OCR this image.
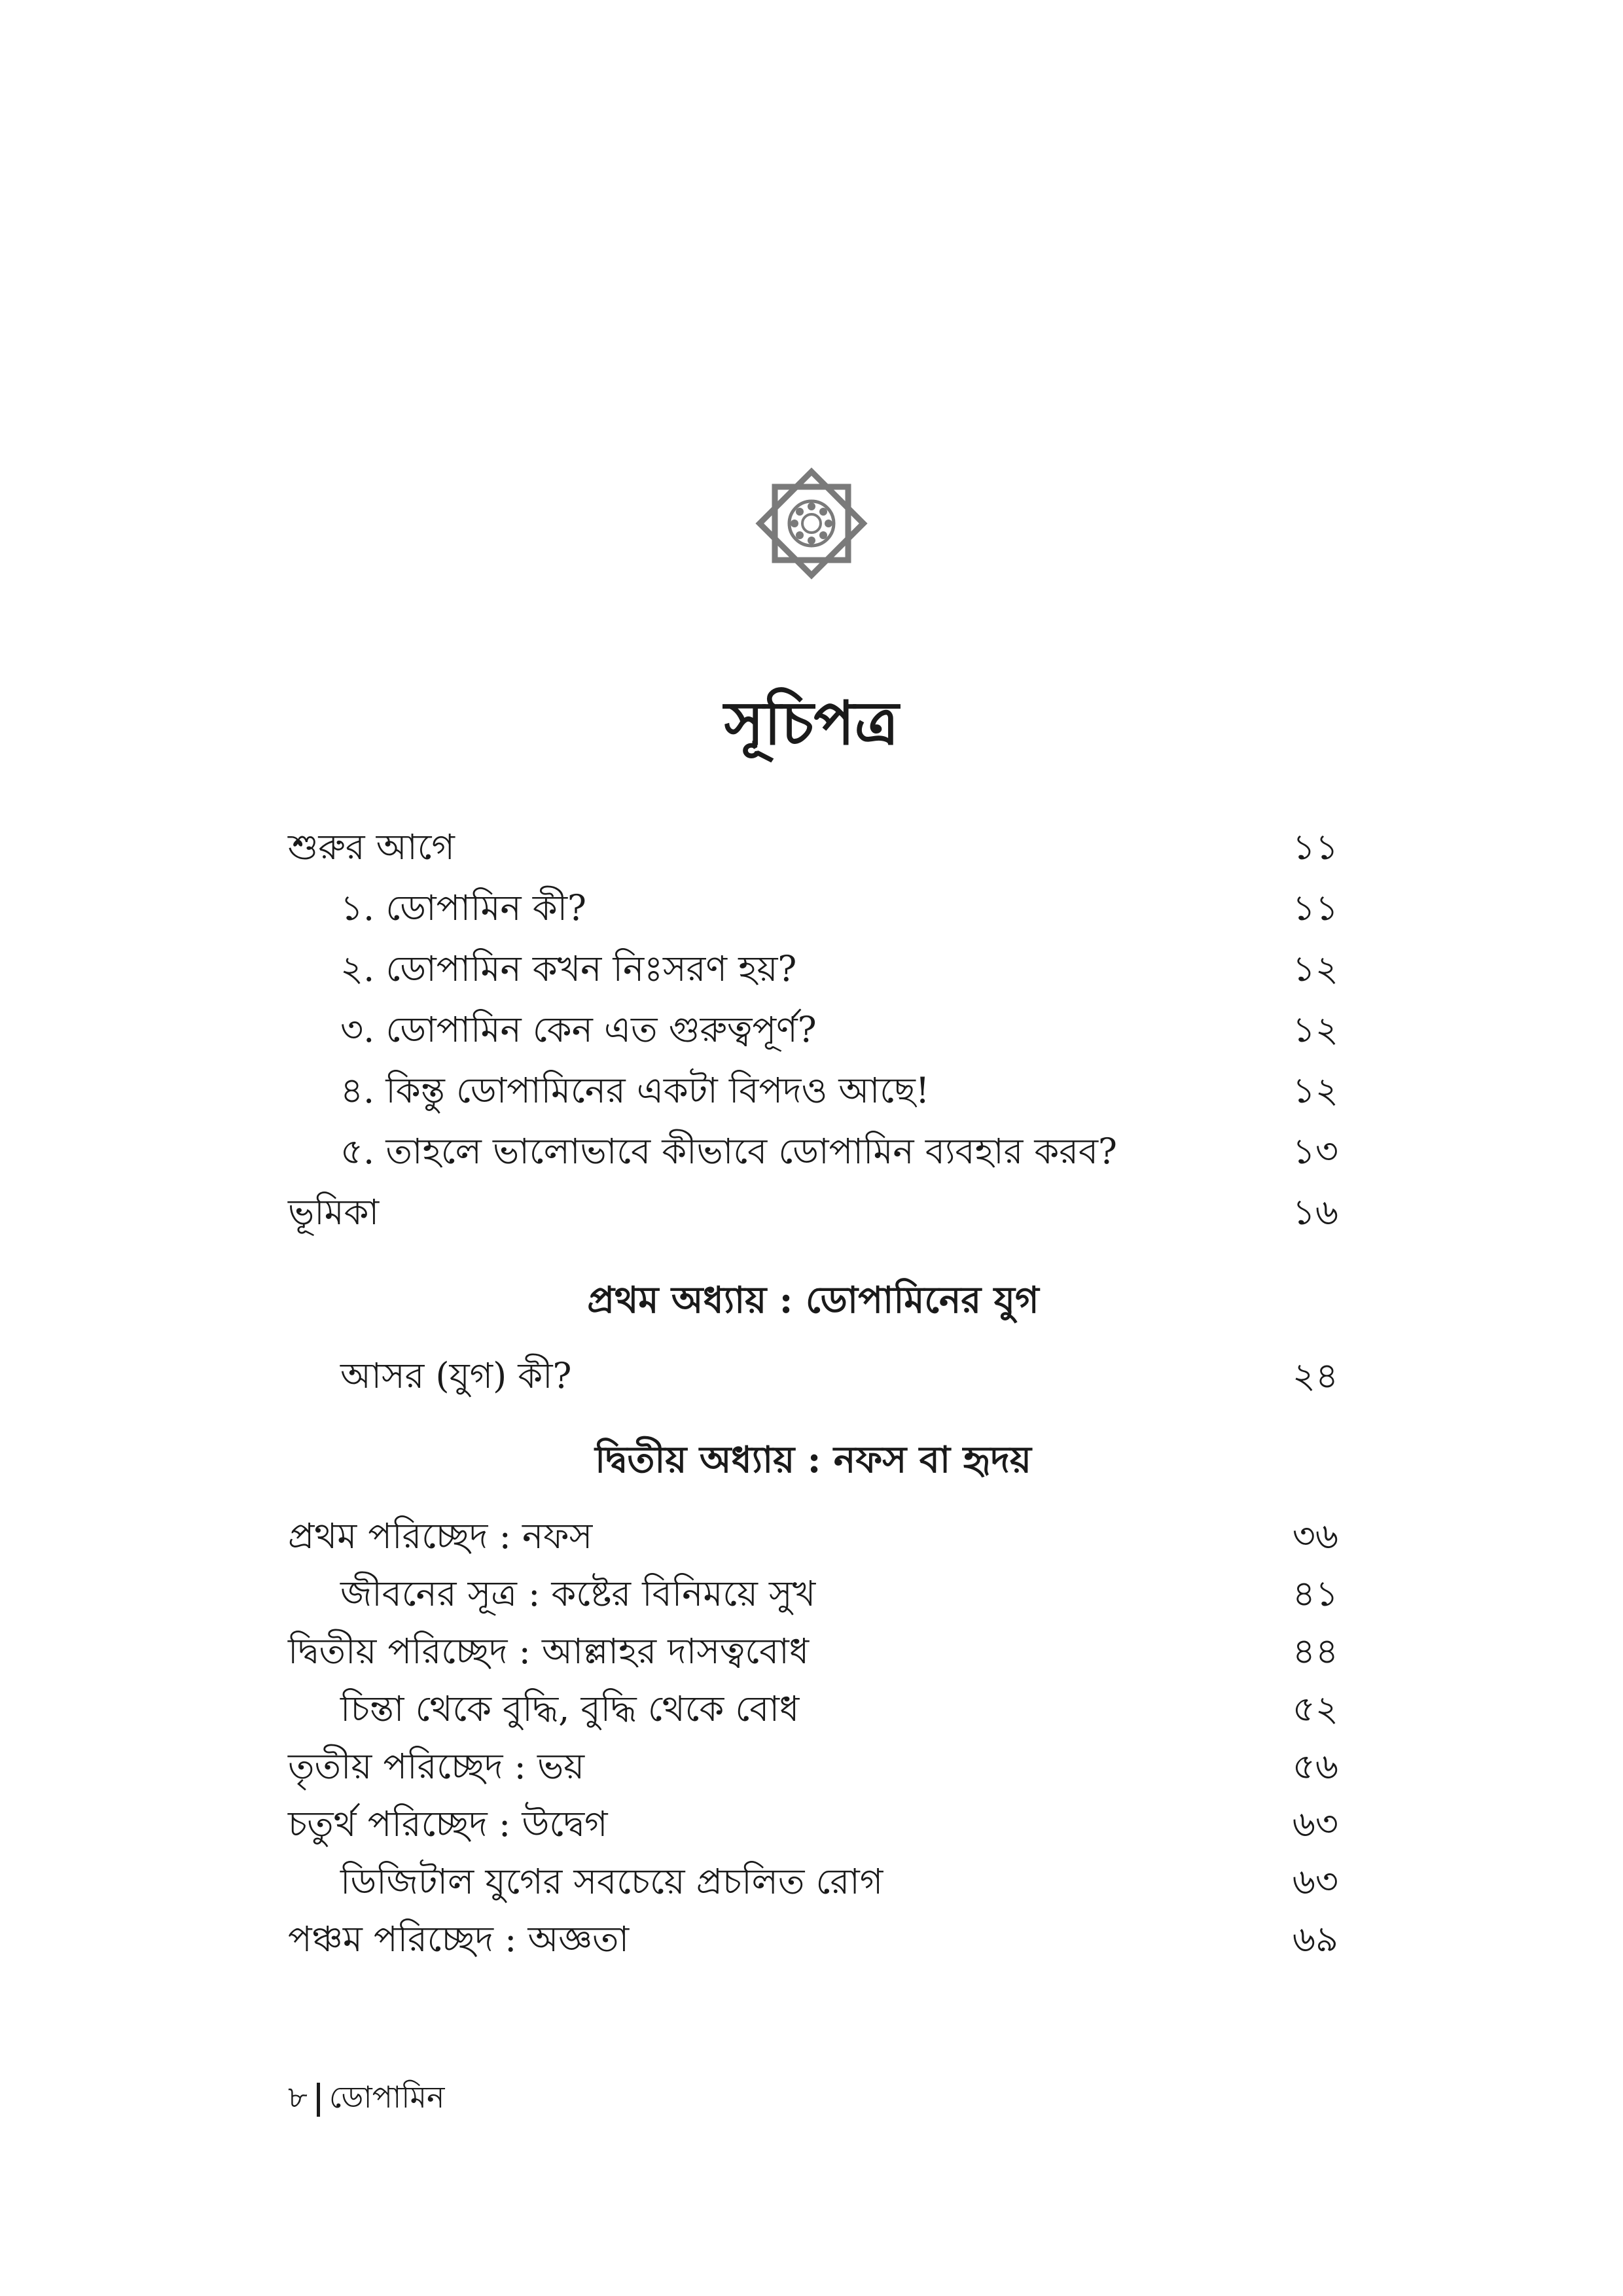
সূচিপত্র
শুরুর আগে	১১
১. ডোপামিন কী?	১১
২. ডোপামিন কখন নিঃসরণ হয়?	১২
৩. ডোপামিন কেন এত গুরুত্বপূর্ণ?	১২
৪. কিন্তু ডোপামিনের একটা বিপদও আছে!	১২
৫. তাহলে ভালোভাবে কীভাবে ডোপামিন ব্যবহার করব?	১৩
ভূমিকা	১৬
আসর (যুগ) কী?	২৪
প্রথম পরিচ্ছেদ : নফস	৩৬
জীবনের সূত্র : কষ্টের বিনিময়ে সুখ	৪১
দ্বিতীয় পরিচ্ছেদ : আল্লাহর দাসত্ববোধ	৪৪
চিন্তা থেকে বুদ্ধি, বুদ্ধি থেকে বোধ	৫২
তৃতীয় পরিচ্ছেদ : ভয়	৫৬
চতুর্থ পরিচ্ছেদ : উদ্বেগ	৬৩
ডিজিটাল যুগের সবচেয়ে প্রচলিত রোগ	৬৩
পঞ্চম পরিচ্ছেদ : অজ্ঞতা	৬৯
প্রথম অধ্যায় : ডোপামিনের যুগ
দ্বিতীয় অধ্যায় : নফস বা হৃদয়
৮ ডোপামিন
